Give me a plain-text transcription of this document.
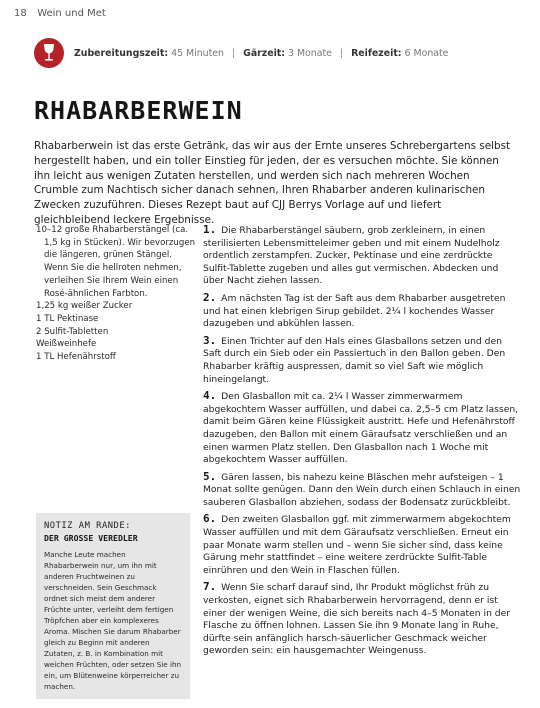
18 Wein und Met
Zubereitungszeit: 45 Minuten | Gärzeit: 3 Monate | Reifezeit: 6 Monate
RHABARBERWEIN

Rhabarberwein ist das erste Getränk, das wir aus der Ernte unseres Schrebergartens selbst hergestellt haben, und ein toller Einstieg für jeden, der es versuchen möchte. Sie können ihn leicht aus wenigen Zutaten herstellen, und werden sich nach mehreren Wochen Crumble zum Nachtisch sicher danach sehnen, Ihren Rhabarber anderen kulinarischen Zwecken zuzuführen. Dieses Rezept baut auf CJJ Berrys Vorlage auf und liefert gleichbleibend leckere Ergebnisse.

10–12 große Rhabarberstängel (ca. 1,5 kg in Stücken). Wir bevorzugen die längeren, grünen Stängel. Wenn Sie die hellroten nehmen, verleihen Sie Ihrem Wein einen Rosé-ähnlichen Farbton.
1,25 kg weißer Zucker
1 TL Pektinase
2 Sulfit-Tabletten
Weißweinhefe
1 TL Hefenährstoff
NOTIZ AM RANDE:
DER GROSSE VEREDLER

Manche Leute machen Rhabarberwein nur, um ihn mit anderen Fruchtweinen zu verschneiden. Sein Geschmack ordnet sich meist dem anderer Früchte unter, verleiht dem fertigen Tröpfchen aber ein komplexeres Aroma. Mischen Sie darum Rhabarber gleich zu Beginn mit anderen Zutaten, z. B. in Kombination mit weichen Früchten, oder setzen Sie ihn ein, um Blütenweine körperreicher zu machen.

1. Die Rhabarberstängel säubern, grob zerkleinern, in einen sterilisierten Lebensmitteleimer geben und mit einem Nudelholz ordentlich zerstampfen. Zucker, Pektinase und eine zerdrückte Sulfit-Tablette zugeben und alles gut vermischen. Abdecken und über Nacht ziehen lassen.

2. Am nächsten Tag ist der Saft aus dem Rhabarber ausgetreten und hat einen klebrigen Sirup gebildet. 2¼ l kochendes Wasser dazugeben und abkühlen lassen.

3. Einen Trichter auf den Hals eines Glasballons setzen und den Saft durch ein Sieb oder ein Passiertuch in den Ballon geben. Den Rhabarber kräftig auspressen, damit so viel Saft wie möglich hineingelangt.

4. Den Glasballon mit ca. 2¼ l Wasser zimmerwarmem abgekochtem Wasser auffüllen, und dabei ca. 2,5–5 cm Platz lassen, damit beim Gären keine Flüssigkeit austritt. Hefe und Hefenährstoff dazugeben, den Ballon mit einem Gäraufsatz verschließen und an einen warmen Platz stellen. Den Glasballon nach 1 Woche mit abgekochtem Wasser auffüllen.

5. Gären lassen, bis nahezu keine Bläschen mehr aufsteigen – 1 Monat sollte genügen. Dann den Wein durch einen Schlauch in einen sauberen Glasballon abziehen, sodass der Bodensatz zurückbleibt.

6. Den zweiten Glasballon ggf. mit zimmerwarmem abgekochtem Wasser auffüllen und mit dem Gäraufsatz verschließen. Erneut ein paar Monate warm stellen und – wenn Sie sicher sind, dass keine Gärung mehr stattfindet – eine weitere zerdrückte Sulfit-Table einrühren und den Wein in Flaschen füllen.

7. Wenn Sie scharf darauf sind, Ihr Produkt möglichst früh zu verkosten, eignet sich Rhabarberwein hervorragend, denn er ist einer der wenigen Weine, die sich bereits nach 4–5 Monaten in der Flasche zu öffnen lohnen. Lassen Sie ihn 9 Monate lang in Ruhe, dürfte sein anfänglich harsch-säuerlicher Geschmack weicher geworden sein: ein hausgemachter Weingenuss.
